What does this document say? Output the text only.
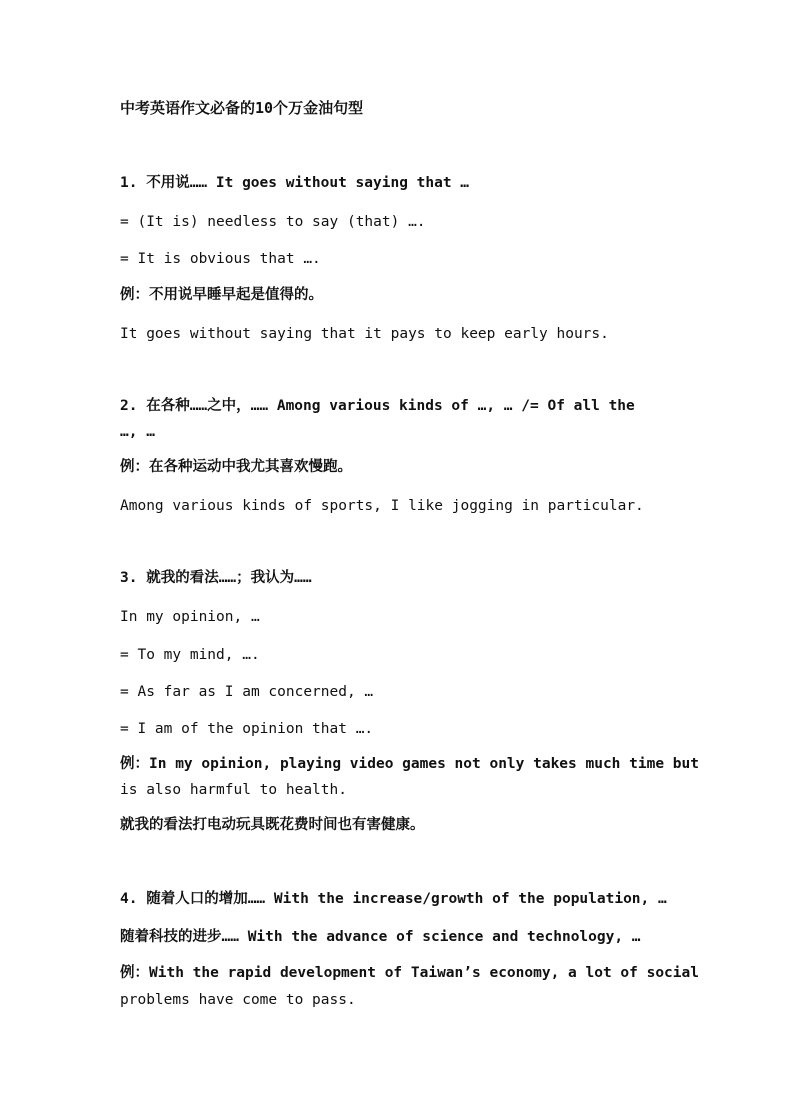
中考英语作文必备的10个万金油句型
1. 不用说…… It goes without saying that …
= (It is) needless to say (that) ….
= It is obvious that ….
例：不用说早睡早起是值得的。
It goes without saying that it pays to keep early hours.
2. 在各种……之中，…… Among various kinds of …, … /= Of all the
…, …
例：在各种运动中我尤其喜欢慢跑。
Among various kinds of sports, I like jogging in particular.
3. 就我的看法……；我认为……
In my opinion, …
= To my mind, ….
= As far as I am concerned, …
= I am of the opinion that ….
例：In my opinion, playing video games not only takes much time but
is also harmful to health.
就我的看法打电动玩具既花费时间也有害健康。
4. 随着人口的增加…… With the increase/growth of the population, …
随着科技的进步…… With the advance of science and technology, …
例：With the rapid development of Taiwan’s economy, a lot of social
problems have come to pass.
